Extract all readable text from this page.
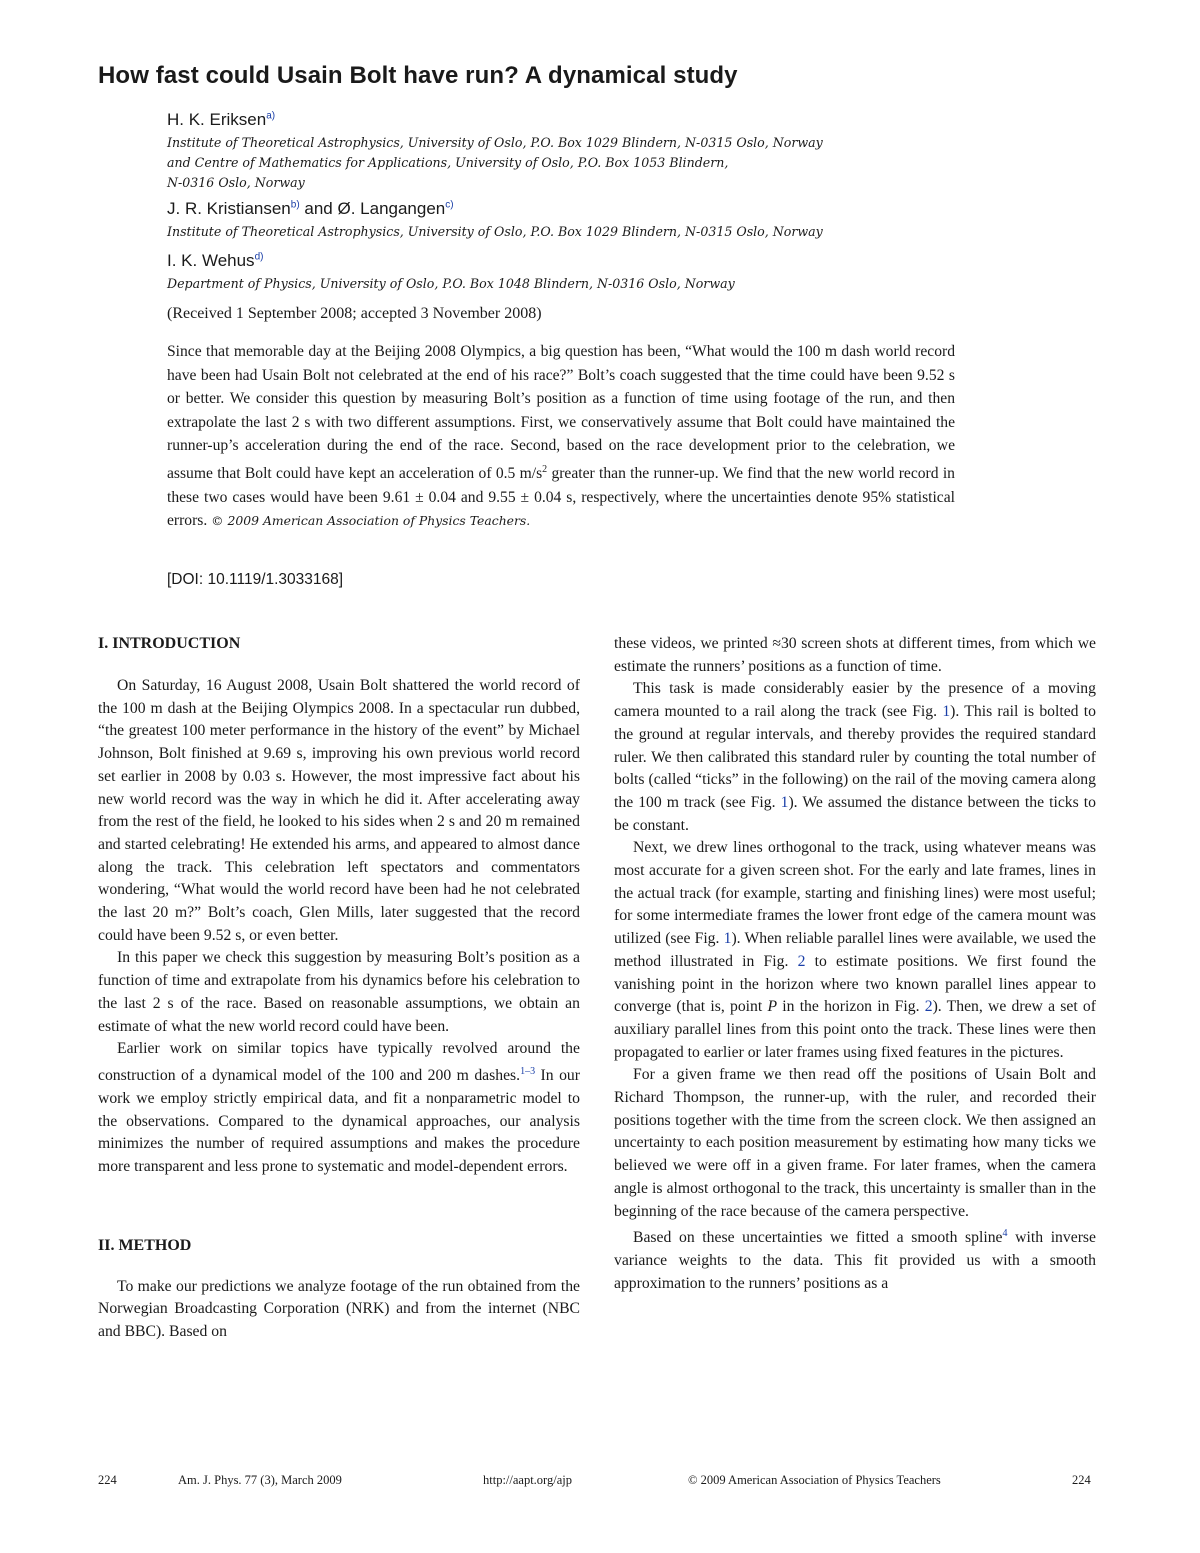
How fast could Usain Bolt have run? A dynamical study
H. K. Eriksen$^{a)}$
Institute of Theoretical Astrophysics, University of Oslo, P.O. Box 1029 Blindern, N-0315 Oslo, Norway
and Centre of Mathematics for Applications, University of Oslo, P.O. Box 1053 Blindern,
N-0316 Oslo, Norway
J. R. Kristiansen$^{b)}$ and Ø. Langangen$^{c)}$
Institute of Theoretical Astrophysics, University of Oslo, P.O. Box 1029 Blindern, N-0315 Oslo, Norway
I. K. Wehus$^{d)}$
Department of Physics, University of Oslo, P.O. Box 1048 Blindern, N-0316 Oslo, Norway
(Received 1 September 2008; accepted 3 November 2008)
Since that memorable day at the Beijing 2008 Olympics, a big question has been, “What would the 100 m dash world record have been had Usain Bolt not celebrated at the end of his race?” Bolt’s coach suggested that the time could have been 9.52 s or better. We consider this question by measuring Bolt’s position as a function of time using footage of the run, and then extrapolate the last 2 s with two different assumptions. First, we conservatively assume that Bolt could have maintained the runner-up’s acceleration during the end of the race. Second, based on the race development prior to the celebration, we assume that Bolt could have kept an acceleration of 0.5 $m/s^2$ greater than the runner-up. We find that the new world record in these two cases would have been 9.61 ± 0.04 and 9.55 ± 0.04 s, respectively, where the uncertainties denote 95% statistical errors. © 2009 American Association of Physics Teachers.
[DOI: 10.1119/1.3033168]
I. INTRODUCTION

On Saturday, 16 August 2008, Usain Bolt shattered the world record of the 100 m dash at the Beijing Olympics 2008. In a spectacular run dubbed, “the greatest 100 meter performance in the history of the event” by Michael Johnson, Bolt finished at 9.69 s, improving his own previous world record set earlier in 2008 by 0.03 s. However, the most impressive fact about his new world record was the way in which he did it. After accelerating away from the rest of the field, he looked to his sides when 2 s and 20 m remained and started celebrating! He extended his arms, and appeared to almost dance along the track. This celebration left spectators and commentators wondering, “What would the world record have been had he not celebrated the last 20 m?” Bolt’s coach, Glen Mills, later suggested that the record could have been 9.52 s, or even better.

In this paper we check this suggestion by measuring Bolt’s position as a function of time and extrapolate from his dynamics before his celebration to the last 2 s of the race. Based on reasonable assumptions, we obtain an estimate of what the new world record could have been.

Earlier work on similar topics have typically revolved around the construction of a dynamical model of the 100 and 200 m dashes.$^{1-3}$ In our work we employ strictly empirical data, and fit a nonparametric model to the observations. Compared to the dynamical approaches, our analysis minimizes the number of required assumptions and makes the procedure more transparent and less prone to systematic and model-dependent errors.

II. METHOD

To make our predictions we analyze footage of the run obtained from the Norwegian Broadcasting Corporation (NRK) and from the internet (NBC and BBC). Based on

these videos, we printed ≈30 screen shots at different times, from which we estimate the runners’ positions as a function of time.

This task is made considerably easier by the presence of a moving camera mounted to a rail along the track (see Fig. 1). This rail is bolted to the ground at regular intervals, and thereby provides the required standard ruler. We then calibrated this standard ruler by counting the total number of bolts (called “ticks” in the following) on the rail of the moving camera along the 100 m track (see Fig. 1). We assumed the distance between the ticks to be constant.

Next, we drew lines orthogonal to the track, using whatever means was most accurate for a given screen shot. For the early and late frames, lines in the actual track (for example, starting and finishing lines) were most useful; for some intermediate frames the lower front edge of the camera mount was utilized (see Fig. 1). When reliable parallel lines were available, we used the method illustrated in Fig. 2 to estimate positions. We first found the vanishing point in the horizon where two known parallel lines appear to converge (that is, point P in the horizon in Fig. 2). Then, we drew a set of auxiliary parallel lines from this point onto the track. These lines were then propagated to earlier or later frames using fixed features in the pictures.

For a given frame we then read off the positions of Usain Bolt and Richard Thompson, the runner-up, with the ruler, and recorded their positions together with the time from the screen clock. We then assigned an uncertainty to each position measurement by estimating how many ticks we believed we were off in a given frame. For later frames, when the camera angle is almost orthogonal to the track, this uncertainty is smaller than in the beginning of the race because of the camera perspective.

Based on these uncertainties we fitted a smooth spline$^4$ with inverse variance weights to the data. This fit provided us with a smooth approximation to the runners’ positions as a

224	Am. J. Phys. 77 (3), March 2009	http://aapt.org/ajp	© 2009 American Association of Physics Teachers	224
